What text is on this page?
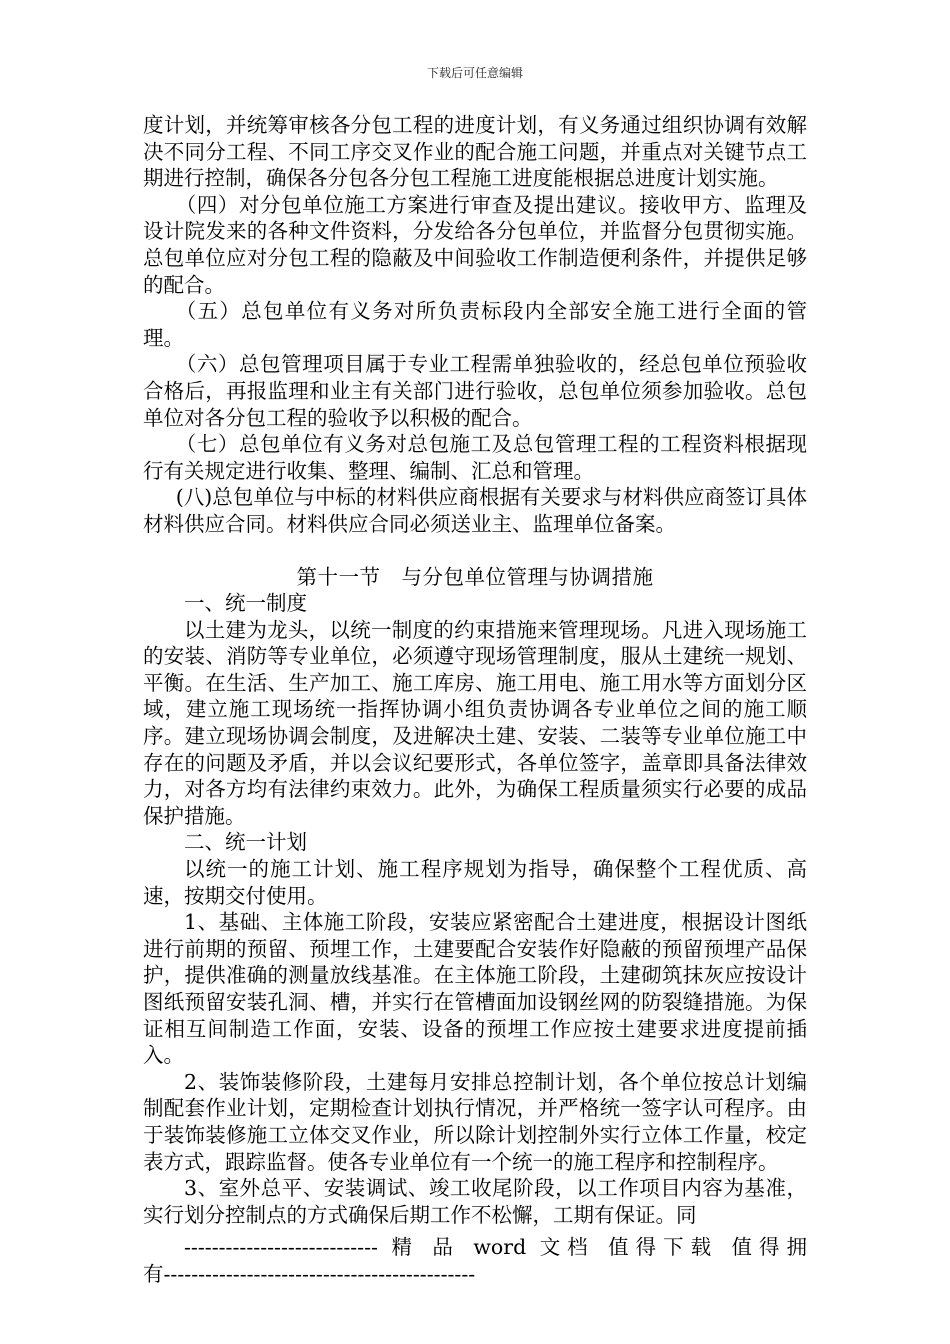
下载后可任意编辑

度计划，并统筹审核各分包工程的进度计划，有义务通过组织协调有效解决不同分工程、不同工序交叉作业的配合施工问题，并重点对关键节点工期进行控制，确保各分包各分包工程施工进度能根据总进度计划实施。

（四）对分包单位施工方案进行审查及提出建议。接收甲方、监理及设计院发来的各种文件资料，分发给各分包单位，并监督分包贯彻实施。总包单位应对分包工程的隐蔽及中间验收工作制造便利条件，并提供足够的配合。

（五）总包单位有义务对所负责标段内全部安全施工进行全面的管理。

（六）总包管理项目属于专业工程需单独验收的，经总包单位预验收合格后，再报监理和业主有关部门进行验收，总包单位须参加验收。总包单位对各分包工程的验收予以积极的配合。

（七）总包单位有义务对总包施工及总包管理工程的工程资料根据现行有关规定进行收集、整理、编制、汇总和管理。

(八)总包单位与中标的材料供应商根据有关要求与材料供应商签订具体材料供应合同。材料供应合同必须送业主、监理单位备案。

第十一节　与分包单位管理与协调措施

一、统一制度

以土建为龙头，以统一制度的约束措施来管理现场。凡进入现场施工的安装、消防等专业单位，必须遵守现场管理制度，服从土建统一规划、平衡。在生活、生产加工、施工库房、施工用电、施工用水等方面划分区域，建立施工现场统一指挥协调小组负责协调各专业单位之间的施工顺序。建立现场协调会制度，及进解决土建、安装、二装等专业单位施工中存在的问题及矛盾，并以会议纪要形式，各单位签字，盖章即具备法律效力，对各方均有法律约束效力。此外，为确保工程质量须实行必要的成品保护措施。

二、统一计划

以统一的施工计划、施工程序规划为指导，确保整个工程优质、高速，按期交付使用。

1、基础、主体施工阶段，安装应紧密配合土建进度，根据设计图纸进行前期的预留、预埋工作，土建要配合安装作好隐蔽的预留预埋产品保护，提供准确的测量放线基准。在主体施工阶段，土建砌筑抹灰应按设计图纸预留安装孔洞、槽，并实行在管槽面加设钢丝网的防裂缝措施。为保证相互间制造工作面，安装、设备的预埋工作应按土建要求进度提前插入。

2、装饰装修阶段，土建每月安排总控制计划，各个单位按总计划编制配套作业计划，定期检查计划执行情况，并严格统一签字认可程序。由于装饰装修施工立体交叉作业，所以除计划控制外实行立体工作量，校定表方式，跟踪监督。使各专业单位有一个统一的施工程序和控制程序。

3、室外总平、安装调试、竣工收尾阶段，以工作项目内容为基准，实行划分控制点的方式确保后期工作不松懈，工期有保证。同

---------------------------- 精 品 word 文档 值得下载 值得拥

有---------------------------------------------
